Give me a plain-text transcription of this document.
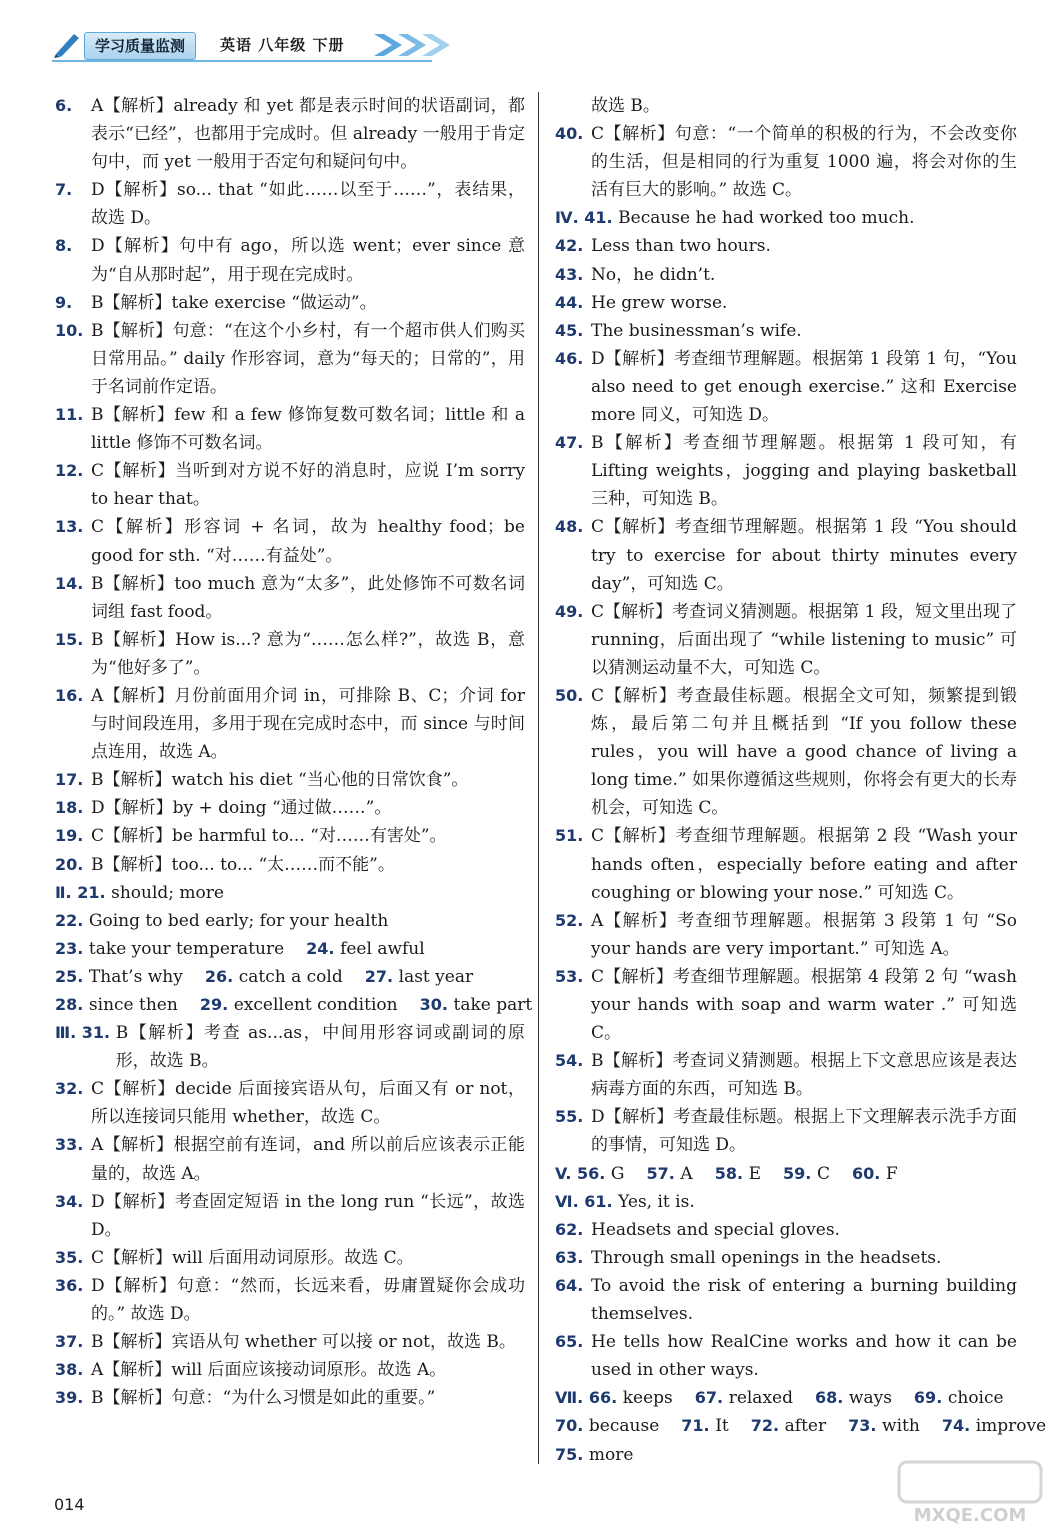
学习质量监测	英语 八年级 下册
6. A【解析】already 和 yet 都是表示时间的状语副词，都表示“已经”，也都用于完成时。但 already 一般用于肯定句中，而 yet 一般用于否定句和疑问句中。
7. D【解析】so... that “如此……以至于……”，表结果，故选 D。
8. D【解析】句中有 ago，所以选 went；ever since 意为“自从那时起”，用于现在完成时。
9. B【解析】take exercise “做运动”。
10. B【解析】句意：“在这个小乡村，有一个超市供人们购买日常用品。” daily 作形容词，意为“每天的；日常的”，用于名词前作定语。
11. B【解析】few 和 a few 修饰复数可数名词；little 和 a little 修饰不可数名词。
12. C【解析】当听到对方说不好的消息时，应说 I’m sorry to hear that。
13. C【解析】形容词 + 名词，故为 healthy food；be good for sth. “对……有益处”。
14. B【解析】too much 意为“太多”，此处修饰不可数名词词组 fast food。
15. B【解析】How is...? 意为“……怎么样?”，故选 B，意为“他好多了”。
16. A【解析】月份前面用介词 in，可排除 B、C；介词 for 与时间段连用，多用于现在完成时态中，而 since 与时间点连用，故选 A。
17. B【解析】watch his diet “当心他的日常饮食”。
18. D【解析】by + doing “通过做……”。
19. C【解析】be harmful to... “对……有害处”。
20. B【解析】too... to... “太……而不能”。
Ⅱ. 21. should; more
22. Going to bed early; for your health
23. take your temperature 24. feel awful
25. That’s why 26. catch a cold 27. last year
28. since then 29. excellent condition 30. take part
Ⅲ. 31. B【解析】考查 as...as，中间用形容词或副词的原形，故选 B。
32. C【解析】decide 后面接宾语从句，后面又有 or not，所以连接词只能用 whether，故选 C。
33. A【解析】根据空前有连词，and 所以前后应该表示正能量的，故选 A。
34. D【解析】考查固定短语 in the long run “长远”，故选 D。
35. C【解析】will 后面用动词原形。故选 C。
36. D【解析】句意：“然而，长远来看，毋庸置疑你会成功的。” 故选 D。
37. B【解析】宾语从句 whether 可以接 or not，故选 B。
38. A【解析】will 后面应该接动词原形。故选 A。
39. B【解析】句意：“为什么习惯是如此的重要。”

故选 B。
40. C【解析】句意：“一个简单的积极的行为，不会改变你的生活，但是相同的行为重复 1000 遍，将会对你的生活有巨大的影响。” 故选 C。
Ⅳ. 41. Because he had worked too much.
42. Less than two hours.
43. No，he didn’t.
44. He grew worse.
45. The businessman’s wife.
46. D【解析】考查细节理解题。根据第 1 段第 1 句，“You also need to get enough exercise.” 这和 Exercise more 同义，可知选 D。
47. B【解析】考查细节理解题。根据第 1 段可知，有 Lifting weights，jogging and playing basketball 三种，可知选 B。
48. C【解析】考查细节理解题。根据第 1 段 “You should try to exercise for about thirty minutes every day”，可知选 C。
49. C【解析】考查词义猜测题。根据第 1 段，短文里出现了 running，后面出现了 “while listening to music” 可以猜测运动量不大，可知选 C。
50. C【解析】考查最佳标题。根据全文可知，频繁提到锻炼，最后第二句并且概括到 “If you follow these rules，you will have a good chance of living a long time.” 如果你遵循这些规则，你将会有更大的长寿机会，可知选 C。
51. C【解析】考查细节理解题。根据第 2 段 “Wash your hands often，especially before eating and after coughing or blowing your nose.” 可知选 C。
52. A【解析】考查细节理解题。根据第 3 段第 1 句 “So your hands are very important.” 可知选 A。
53. C【解析】考查细节理解题。根据第 4 段第 2 句 “wash your hands with soap and warm water .” 可知选 C。
54. B【解析】考查词义猜测题。根据上下文意思应该是表达病毒方面的东西，可知选 B。
55. D【解析】考查最佳标题。根据上下文理解表示洗手方面的事情，可知选 D。
V. 56. G 57. A 58. E 59. C 60. F
Ⅵ. 61. Yes, it is.
62. Headsets and special gloves.
63. Through small openings in the headsets.
64. To avoid the risk of entering a burning building themselves.
65. He tells how RealCine works and how it can be used in other ways.
Ⅶ. 66. keeps 67. relaxed 68. ways 69. choice
70. because 71. It 72. after 73. with 74. improve
75. more
014
MXQE.COM
